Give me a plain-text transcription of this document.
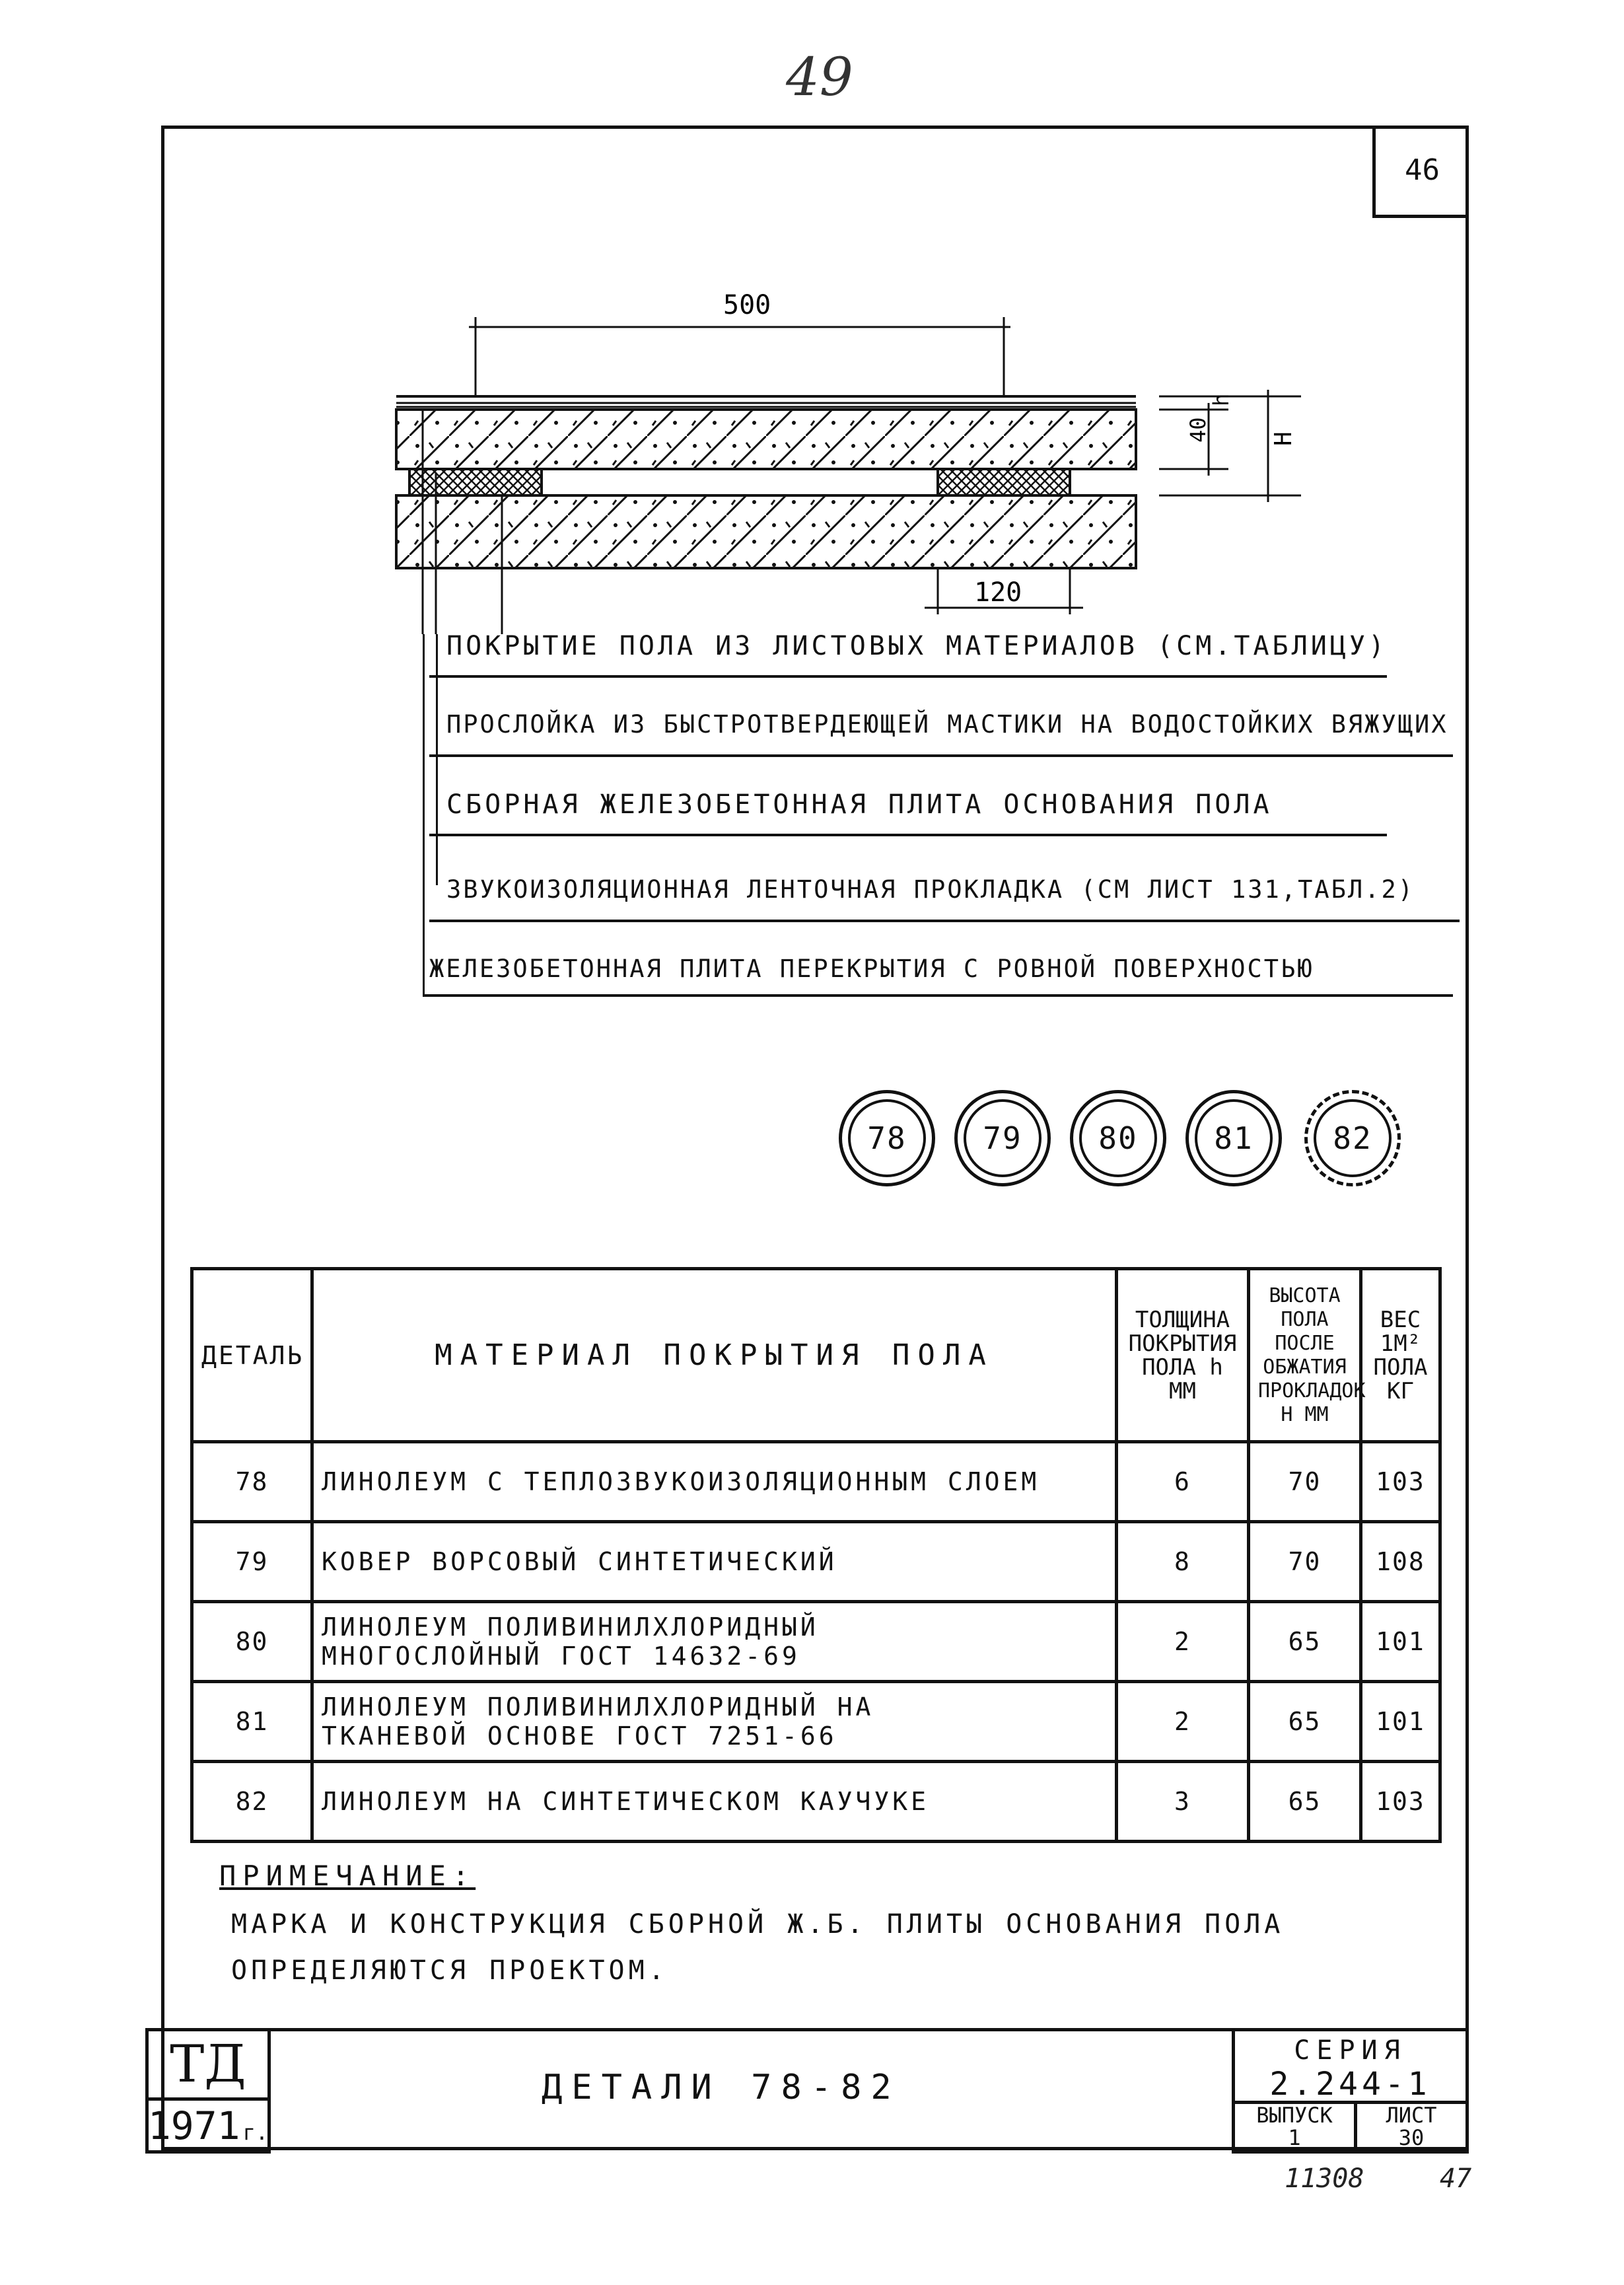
49
46
500
40
h
H
120
ПОКРЫТИЕ ПОЛА ИЗ ЛИСТОВЫХ МАТЕРИАЛОВ (СМ.ТАБЛИЦУ)
ПРОСЛОЙКА ИЗ БЫСТРОТВЕРДЕЮЩЕЙ МАСТИКИ НА ВОДОСТОЙКИХ ВЯЖУЩИХ
СБОРНАЯ ЖЕЛЕЗОБЕТОННАЯ ПЛИТА ОСНОВАНИЯ ПОЛА
ЗВУКОИЗОЛЯЦИОННАЯ ЛЕНТОЧНАЯ ПРОКЛАДКА (СМ ЛИСТ 131,ТАБЛ.2)
ЖЕЛЕЗОБЕТОННАЯ ПЛИТА ПЕРЕКРЫТИЯ С РОВНОЙ ПОВЕРХНОСТЬЮ
78	79	80	81	82
ДЕТАЛЬ	МАТЕРИАЛ ПОКРЫТИЯ ПОЛА	ТОЛЩИНА ПОКРЫТИЯ ПОЛА h ММ	ВЫСОТА ПОЛА ПОСЛЕ ОБЖАТИЯ ПРОКЛАДОК H ММ	ВЕС 1М² ПОЛА КГ
78	ЛИНОЛЕУМ С ТЕПЛОЗВУКОИЗОЛЯЦИОННЫМ СЛОЕМ	6	70	103
79	КОВЕР ВОРСОВЫЙ СИНТЕТИЧЕСКИЙ	8	70	108
80	ЛИНОЛЕУМ ПОЛИВИНИЛХЛОРИДНЫЙ
МНОГОСЛОЙНЫЙ ГОСТ 14632-69	2	65	101
81	ЛИНОЛЕУМ ПОЛИВИНИЛХЛОРИДНЫЙ НА
ТКАНЕВОЙ ОСНОВЕ ГОСТ 7251-66	2	65	101
82	ЛИНОЛЕУМ НА СИНТЕТИЧЕСКОМ КАУЧУКЕ	3	65	103
ПРИМЕЧАНИЕ:
МАРКА И КОНСТРУКЦИЯ СБОРНОЙ Ж.Б. ПЛИТЫ ОСНОВАНИЯ ПОЛА
ОПРЕДЕЛЯЮТСЯ ПРОЕКТОМ.
ТД
1971 г.
ДЕТАЛИ 78-82
СЕРИЯ
2.244-1
ВЫПУСК
1
ЛИСТ
30
11308	47
